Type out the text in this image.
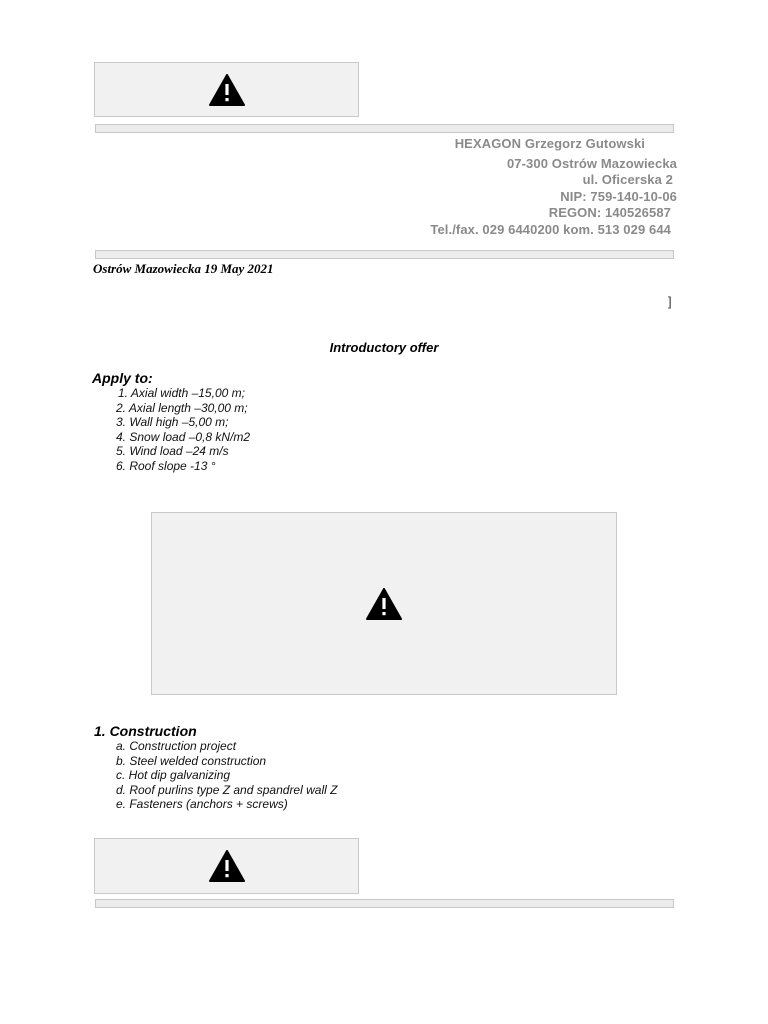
HEXAGON Grzegorz Gutowski
07-300 Ostrów Mazowiecka
ul. Oficerska 2
NIP: 759-140-10-06
REGON: 140526587
Tel./fax. 029 6440200 kom. 513 029 644
Ostrów Mazowiecka 19 May 2021
]
Introductory offer
Apply to:
1. Axial width –15,00 m;
2. Axial length –30,00 m;
3. Wall high –5,00 m;
4. Snow load –0,8 kN/m2
5. Wind load –24 m/s
6. Roof slope -13 °
1. Construction
a. Construction project
b. Steel welded construction
c. Hot dip galvanizing
d. Roof purlins type Z and spandrel wall Z
e. Fasteners (anchors + screws)
